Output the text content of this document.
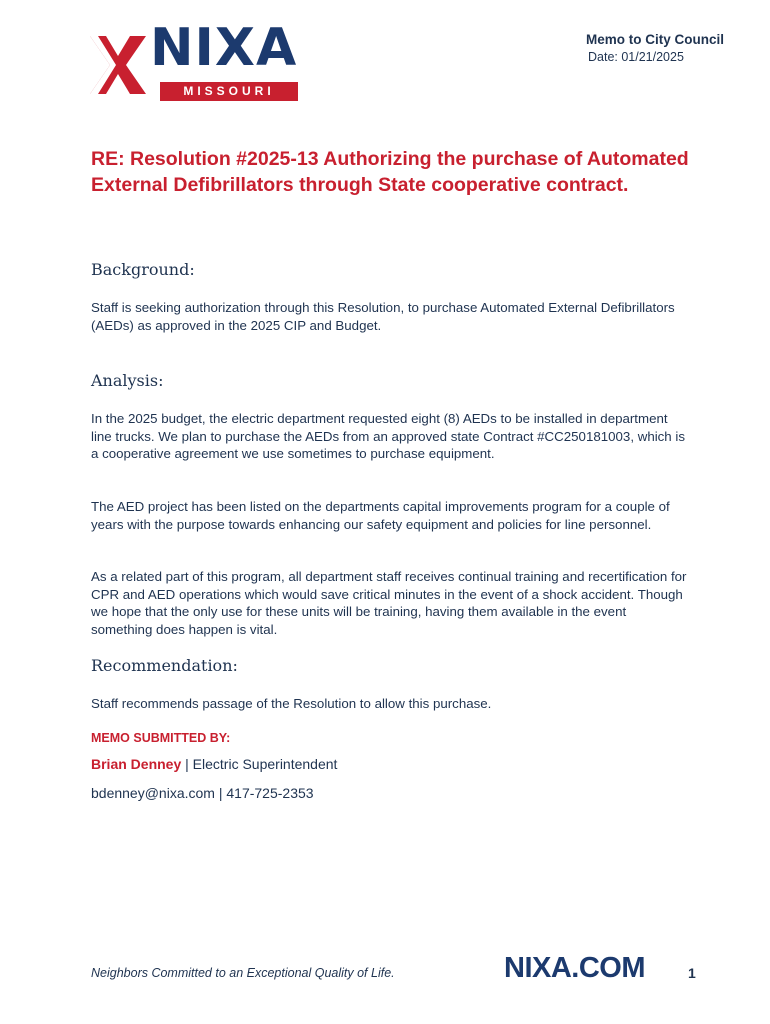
NIXA
MISSOURI
Memo to City Council
Date: 01/21/2025
RE: Resolution #2025-13 Authorizing the purchase of Automated External Defibrillators through State cooperative contract.
Background:
Staff is seeking authorization through this Resolution, to purchase Automated External Defibrillators (AEDs) as approved in the 2025 CIP and Budget.
Analysis:
In the 2025 budget, the electric department requested eight (8) AEDs to be installed in department line trucks. We plan to purchase the AEDs from an approved state Contract #CC250181003, which is a cooperative agreement we use sometimes to purchase equipment.
The AED project has been listed on the departments capital improvements program for a couple of years with the purpose towards enhancing our safety equipment and policies for line personnel.
As a related part of this program, all department staff receives continual training and recertification for CPR and AED operations which would save critical minutes in the event of a shock accident. Though we hope that the only use for these units will be training, having them available in the event something does happen is vital.
Recommendation:
Staff recommends passage of the Resolution to allow this purchase.
MEMO SUBMITTED BY:
Brian Denney | Electric Superintendent
bdenney@nixa.com | 417-725-2353
Neighbors Committed to an Exceptional Quality of Life.	NIXA.COM	1
